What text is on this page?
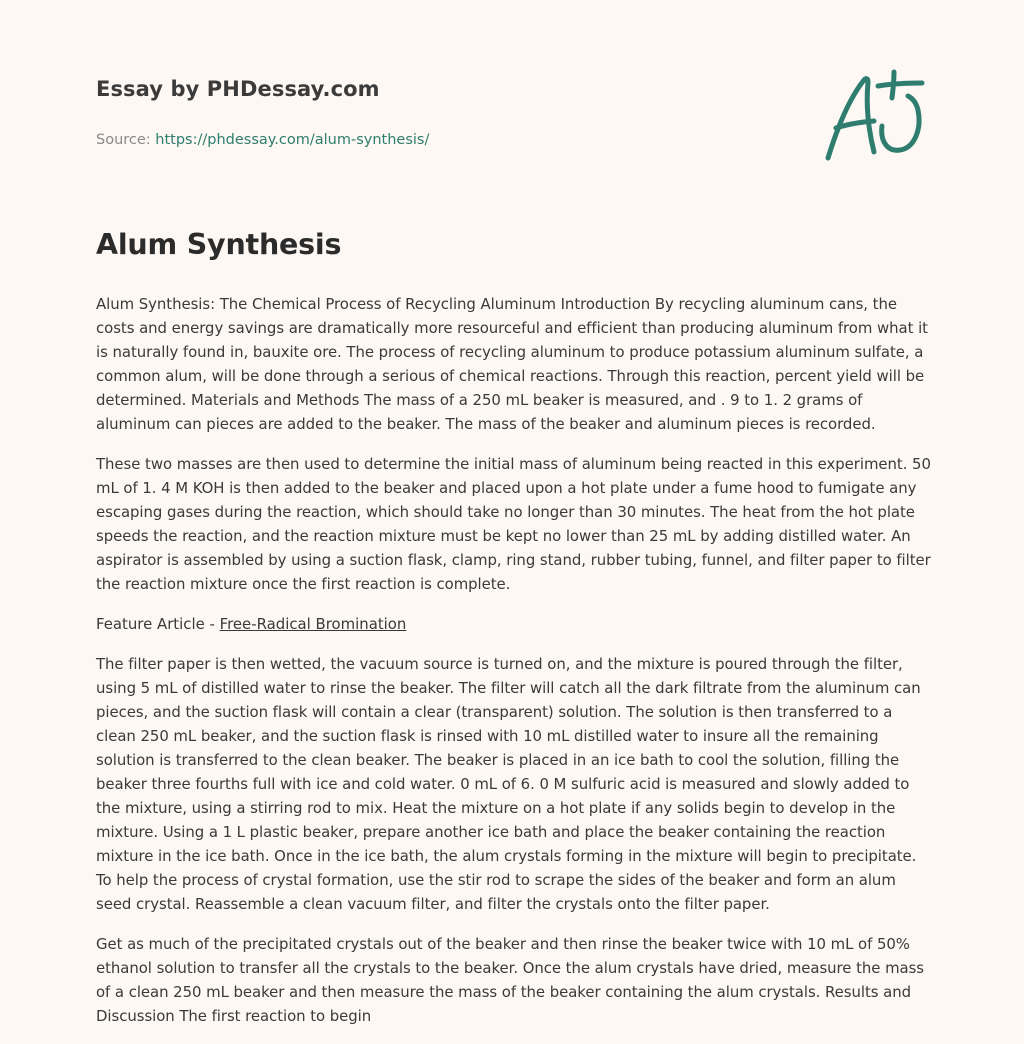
Essay by PHDessay.com
Source: https://phdessay.com/alum-synthesis/
Alum Synthesis

Alum Synthesis: The Chemical Process of Recycling Aluminum Introduction By recycling aluminum cans, the costs and energy savings are dramatically more resourceful and efficient than producing aluminum from what it is naturally found in, bauxite ore. The process of recycling aluminum to produce potassium aluminum sulfate, a common alum, will be done through a serious of chemical reactions. Through this reaction, percent yield will be determined. Materials and Methods The mass of a 250 mL beaker is measured, and . 9 to 1. 2 grams of aluminum can pieces are added to the beaker. The mass of the beaker and aluminum pieces is recorded.

These two masses are then used to determine the initial mass of aluminum being reacted in this experiment. 50 mL of 1. 4 M KOH is then added to the beaker and placed upon a hot plate under a fume hood to fumigate any escaping gases during the reaction, which should take no longer than 30 minutes. The heat from the hot plate speeds the reaction, and the reaction mixture must be kept no lower than 25 mL by adding distilled water. An aspirator is assembled by using a suction flask, clamp, ring stand, rubber tubing, funnel, and filter paper to filter the reaction mixture once the first reaction is complete.

Feature Article - Free-Radical Bromination

The filter paper is then wetted, the vacuum source is turned on, and the mixture is poured through the filter, using 5 mL of distilled water to rinse the beaker. The filter will catch all the dark filtrate from the aluminum can pieces, and the suction flask will contain a clear (transparent) solution. The solution is then transferred to a clean 250 mL beaker, and the suction flask is rinsed with 10 mL distilled water to insure all the remaining solution is transferred to the clean beaker. The beaker is placed in an ice bath to cool the solution, filling the beaker three fourths full with ice and cold water. 0 mL of 6. 0 M sulfuric acid is measured and slowly added to the mixture, using a stirring rod to mix. Heat the mixture on a hot plate if any solids begin to develop in the mixture. Using a 1 L plastic beaker, prepare another ice bath and place the beaker containing the reaction mixture in the ice bath. Once in the ice bath, the alum crystals forming in the mixture will begin to precipitate. To help the process of crystal formation, use the stir rod to scrape the sides of the beaker and form an alum seed crystal. Reassemble a clean vacuum filter, and filter the crystals onto the filter paper.

Get as much of the precipitated crystals out of the beaker and then rinse the beaker twice with 10 mL of 50% ethanol solution to transfer all the crystals to the beaker. Once the alum crystals have dried, measure the mass of a clean 250 mL beaker and then measure the mass of the beaker containing the alum crystals. Results and Discussion The first reaction to begin
